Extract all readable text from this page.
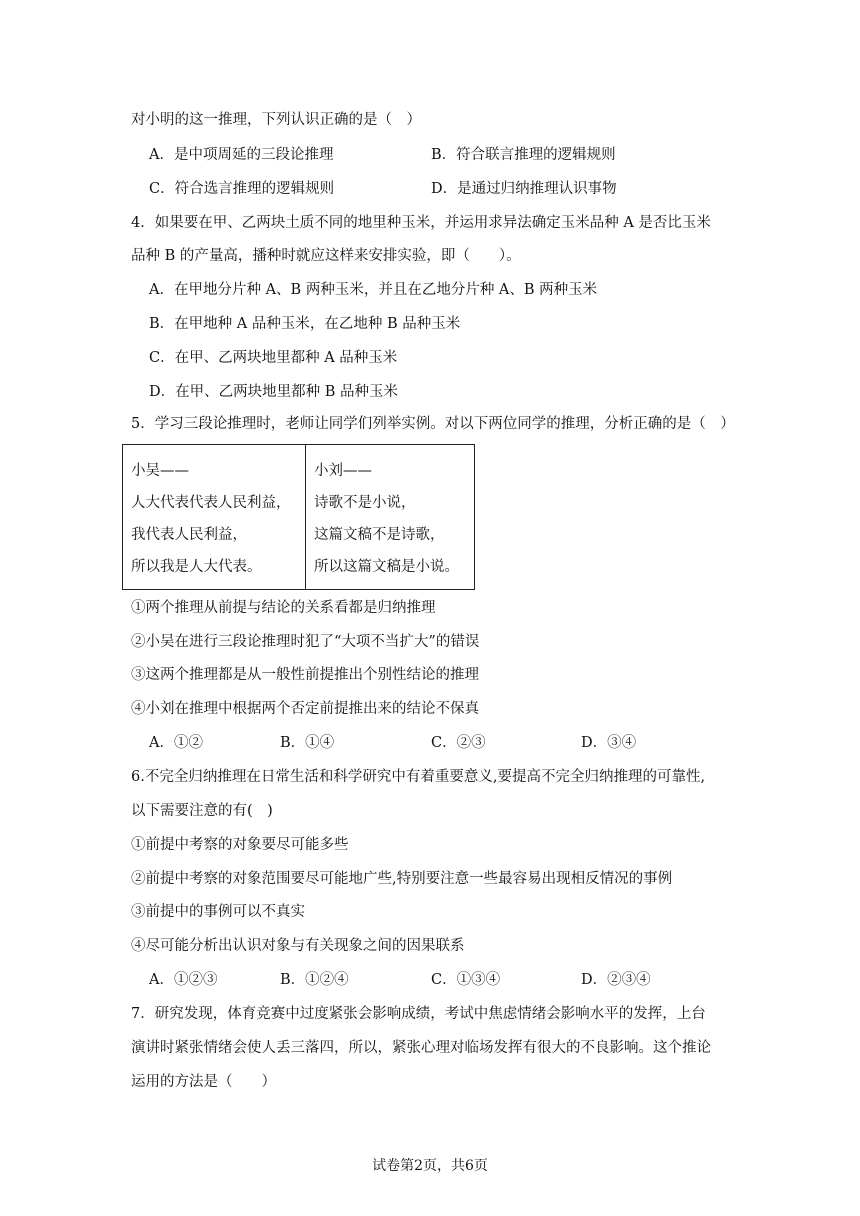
对小明的这一推理，下列认识正确的是（　）
A．是中项周延的三段论推理	B．符合联言推理的逻辑规则
C．符合选言推理的逻辑规则	D．是通过归纳推理认识事物
4．如果要在甲、乙两块土质不同的地里种玉米，并运用求异法确定玉米品种 A 是否比玉米
品种 B 的产量高，播种时就应这样来安排实验，即（　　）。
A．在甲地分片种 A、B 两种玉米，并且在乙地分片种 A、B 两种玉米
B．在甲地种 A 品种玉米，在乙地种 B 品种玉米
C．在甲、乙两块地里都种 A 品种玉米
D．在甲、乙两块地里都种 B 品种玉米
5．学习三段论推理时，老师让同学们列举实例。对以下两位同学的推理，分析正确的是（　）
小吴——
人大代表代表人民利益，
我代表人民利益，
所以我是人大代表。

小刘——
诗歌不是小说，
这篇文稿不是诗歌，
所以这篇文稿是小说。
①两个推理从前提与结论的关系看都是归纳推理
②小吴在进行三段论推理时犯了“大项不当扩大”的错误
③这两个推理都是从一般性前提推出个别性结论的推理
④小刘在推理中根据两个否定前提推出来的结论不保真
A．①②	B．①④	C．②③	D．③④
6.不完全归纳推理在日常生活和科学研究中有着重要意义,要提高不完全归纳推理的可靠性,
以下需要注意的有(　)
①前提中考察的对象要尽可能多些
②前提中考察的对象范围要尽可能地广些,特别要注意一些最容易出现相反情况的事例
③前提中的事例可以不真实
④尽可能分析出认识对象与有关现象之间的因果联系
A．①②③	B．①②④	C．①③④	D．②③④
7．研究发现，体育竞赛中过度紧张会影响成绩，考试中焦虑情绪会影响水平的发挥，上台
演讲时紧张情绪会使人丢三落四，所以，紧张心理对临场发挥有很大的不良影响。这个推论
运用的方法是（　　）
试卷第2页，共6页
